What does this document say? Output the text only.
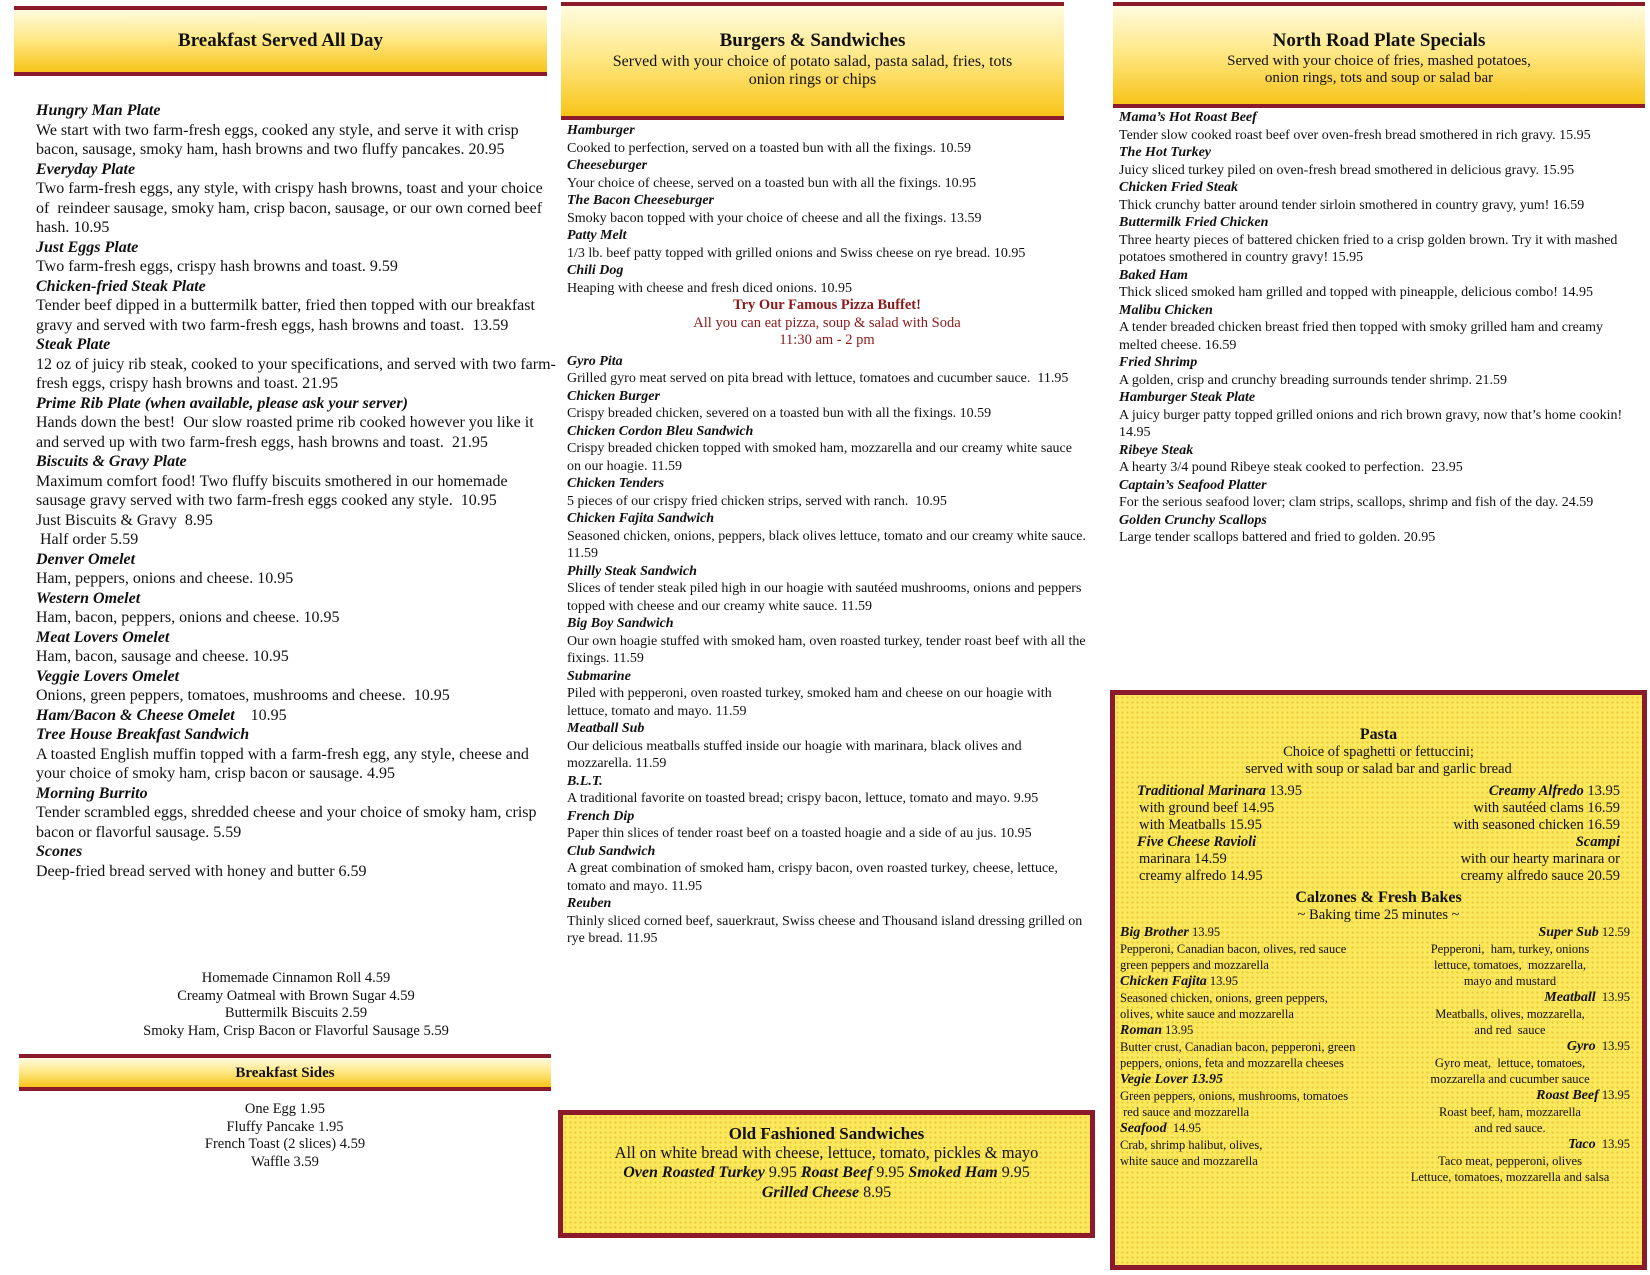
Breakfast Served All Day
Hungry Man Plate
We start with two farm-fresh eggs, cooked any style, and serve it with crisp bacon, sausage, smoky ham, hash browns and two fluffy pancakes. 20.95
Everyday Plate
Two farm-fresh eggs, any style, with crispy hash browns, toast and your choice of  reindeer sausage, smoky ham, crisp bacon, sausage, or our own corned beef hash. 10.95
Just Eggs Plate
Two farm-fresh eggs, crispy hash browns and toast. 9.59
Chicken-fried Steak Plate
Tender beef dipped in a buttermilk batter, fried then topped with our breakfast gravy and served with two farm-fresh eggs, hash browns and toast.  13.59
Steak Plate
12 oz of juicy rib steak, cooked to your specifications, and served with two farm-fresh eggs, crispy hash browns and toast. 21.95
Prime Rib Plate (when available, please ask your server)
Hands down the best!  Our slow roasted prime rib cooked however you like it and served up with two farm-fresh eggs, hash browns and toast.  21.95
Biscuits & Gravy Plate
Maximum comfort food! Two fluffy biscuits smothered in our homemade sausage gravy served with two farm-fresh eggs cooked any style.  10.95
Just Biscuits & Gravy  8.95
Half order 5.59
Denver Omelet
Ham, peppers, onions and cheese. 10.95
Western Omelet
Ham, bacon, peppers, onions and cheese. 10.95
Meat Lovers Omelet
Ham, bacon, sausage and cheese. 10.95
Veggie Lovers Omelet
Onions, green peppers, tomatoes, mushrooms and cheese.  10.95
Ham/Bacon & Cheese Omelet    10.95
Tree House Breakfast Sandwich
A toasted English muffin topped with a farm-fresh egg, any style, cheese and your choice of smoky ham, crisp bacon or sausage. 4.95
Morning Burrito
Tender scrambled eggs, shredded cheese and your choice of smoky ham, crisp  bacon or flavorful sausage. 5.59
Scones
Deep-fried bread served with honey and butter 6.59
Homemade Cinnamon Roll 4.59
Creamy Oatmeal with Brown Sugar 4.59
Buttermilk Biscuits 2.59
Smoky Ham, Crisp Bacon or Flavorful Sausage 5.59
Breakfast Sides
One Egg 1.95
Fluffy Pancake 1.95
French Toast (2 slices) 4.59
Waffle 3.59
Burgers & Sandwiches
Served with your choice of potato salad, pasta salad, fries, tots
onion rings or chips
Hamburger
Cooked to perfection, served on a toasted bun with all the fixings. 10.59
Cheeseburger
Your choice of cheese, served on a toasted bun with all the fixings. 10.95
The Bacon Cheeseburger
Smoky bacon topped with your choice of cheese and all the fixings. 13.59
Patty Melt
1/3 lb. beef patty topped with grilled onions and Swiss cheese on rye bread. 10.95
Chili Dog
Heaping with cheese and fresh diced onions. 10.95
Try Our Famous Pizza Buffet!
All you can eat pizza, soup & salad with Soda
11:30 am - 2 pm
Gyro Pita
Grilled gyro meat served on pita bread with lettuce, tomatoes and cucumber sauce.  11.95
Chicken Burger
Crispy breaded chicken, severed on a toasted bun with all the fixings. 10.59
Chicken Cordon Bleu Sandwich
Crispy breaded chicken topped with smoked ham, mozzarella and our creamy white sauce on our hoagie. 11.59
Chicken Tenders
5 pieces of our crispy fried chicken strips, served with ranch.  10.95
Chicken Fajita Sandwich
Seasoned chicken, onions, peppers, black olives lettuce, tomato and our creamy white sauce. 11.59
Philly Steak Sandwich
Slices of tender steak piled high in our hoagie with sautéed mushrooms, onions and peppers topped with cheese and our creamy white sauce. 11.59
Big Boy Sandwich
Our own hoagie stuffed with smoked ham, oven roasted turkey, tender roast beef with all the fixings. 11.59
Submarine
Piled with pepperoni, oven roasted turkey, smoked ham and cheese on our hoagie with lettuce, tomato and mayo. 11.59
Meatball Sub
Our delicious meatballs stuffed inside our hoagie with marinara, black olives and mozzarella. 11.59
B.L.T.
A traditional favorite on toasted bread; crispy bacon, lettuce, tomato and mayo. 9.95
French Dip
Paper thin slices of tender roast beef on a toasted hoagie and a side of au jus. 10.95
Club Sandwich
A great combination of smoked ham, crispy bacon, oven roasted turkey, cheese, lettuce, tomato and mayo. 11.95
Reuben
Thinly sliced corned beef, sauerkraut, Swiss cheese and Thousand island dressing grilled on rye bread. 11.95
Old Fashioned Sandwiches
All on white bread with cheese, lettuce, tomato, pickles & mayo
Oven Roasted Turkey 9.95 Roast Beef 9.95 Smoked Ham 9.95
Grilled Cheese 8.95
North Road Plate Specials
Served with your choice of fries, mashed potatoes,
onion rings, tots and soup or salad bar
Mama’s Hot Roast Beef
Tender slow cooked roast beef over oven-fresh bread smothered in rich gravy. 15.95
The Hot Turkey
Juicy sliced turkey piled on oven-fresh bread smothered in delicious gravy. 15.95
Chicken Fried Steak
Thick crunchy batter around tender sirloin smothered in country gravy, yum! 16.59
Buttermilk Fried Chicken
Three hearty pieces of battered chicken fried to a crisp golden brown. Try it with mashed potatoes smothered in country gravy! 15.95
Baked Ham
Thick sliced smoked ham grilled and topped with pineapple, delicious combo! 14.95
Malibu Chicken
A tender breaded chicken breast fried then topped with smoky grilled ham and creamy melted cheese. 16.59
Fried Shrimp
A golden, crisp and crunchy breading surrounds tender shrimp. 21.59
Hamburger Steak Plate
A juicy burger patty topped grilled onions and rich brown gravy, now that’s home cookin! 14.95
Ribeye Steak
A hearty 3/4 pound Ribeye steak cooked to perfection.  23.95
Captain’s Seafood Platter
For the serious seafood lover; clam strips, scallops, shrimp and fish of the day. 24.59
Golden Crunchy Scallops
Large tender scallops battered and fried to golden. 20.95
Pasta
Choice of spaghetti or fettuccini;
served with soup or salad bar and garlic bread
Traditional Marinara 13.95
with ground beef 14.95
with Meatballs 15.95
Five Cheese Ravioli
marinara 14.59
creamy alfredo 14.95
Creamy Alfredo 13.95
with sautéed clams 16.59
with seasoned chicken 16.59
Scampi
with our hearty marinara or
creamy alfredo sauce 20.59
Calzones & Fresh Bakes
~ Baking time 25 minutes ~
Big Brother 13.95
Pepperoni, Canadian bacon, olives, red sauce
green peppers and mozzarella
Chicken Fajita 13.95
Seasoned chicken, onions, green peppers,
olives, white sauce and mozzarella
Roman 13.95
Butter crust, Canadian bacon, pepperoni, green
peppers, onions, feta and mozzarella cheeses
Vegie Lover 13.95
Green peppers, onions, mushrooms, tomatoes
red sauce and mozzarella
Seafood  14.95
Crab, shrimp halibut, olives,
white sauce and mozzarella
Super Sub 12.59
Pepperoni,  ham, turkey, onions
lettuce, tomatoes,  mozzarella,
mayo and mustard
Meatball  13.95
Meatballs, olives, mozzarella,
and red  sauce
Gyro  13.95
Gyro meat,  lettuce, tomatoes,
mozzarella and cucumber sauce
Roast Beef 13.95
Roast beef, ham, mozzarella
and red sauce.
Taco  13.95
Taco meat, pepperoni, olives
Lettuce, tomatoes, mozzarella and salsa
